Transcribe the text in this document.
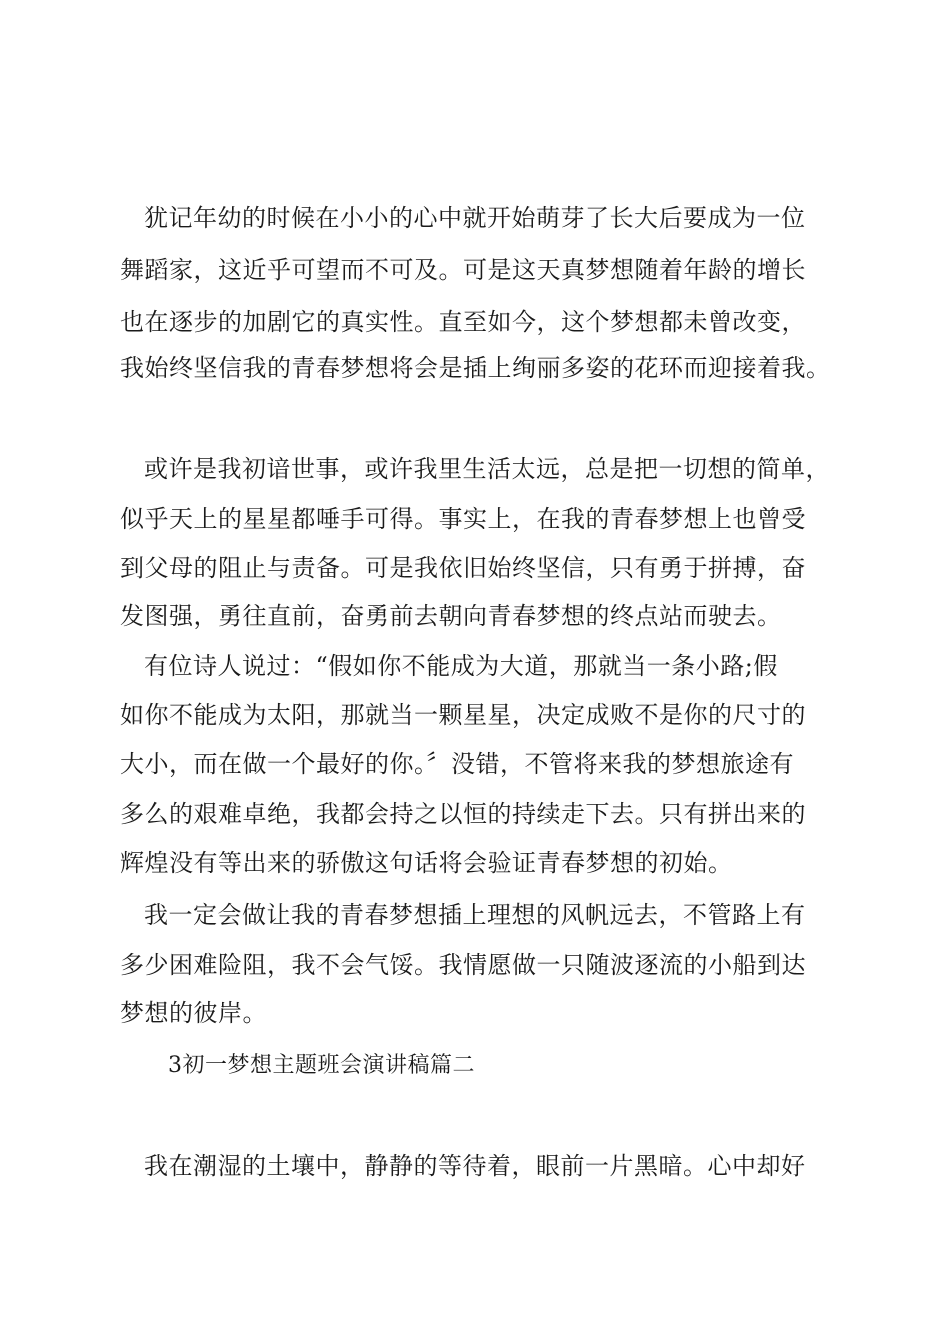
犹记年幼的时候在小小的心中就开始萌芽了长大后要成为一位
舞蹈家，这近乎可望而不可及。可是这天真梦想随着年龄的增长
也在逐步的加剧它的真实性。直至如今，这个梦想都未曾改变，
我始终坚信我的青春梦想将会是插上绚丽多姿的花环而迎接着我。
或许是我初谙世事，或许我里生活太远，总是把一切想的简单，
似乎天上的星星都唾手可得。事实上，在我的青春梦想上也曾受
到父母的阻止与责备。可是我依旧始终坚信，只有勇于拼搏，奋
发图强，勇往直前，奋勇前去朝向青春梦想的终点站而驶去。
有位诗人说过：“假如你不能成为大道，那就当一条小路;假
如你不能成为太阳，那就当一颗星星，决定成败不是你的尺寸的
大小，而在做一个最好的你。〞没错，不管将来我的梦想旅途有
多么的艰难卓绝，我都会持之以恒的持续走下去。只有拼出来的
辉煌没有等出来的骄傲这句话将会验证青春梦想的初始。
我一定会做让我的青春梦想插上理想的风帆远去，不管路上有
多少困难险阻，我不会气馁。我情愿做一只随波逐流的小船到达
梦想的彼岸。
3初一梦想主题班会演讲稿篇二
我在潮湿的土壤中，静静的等待着，眼前一片黑暗。心中却好
